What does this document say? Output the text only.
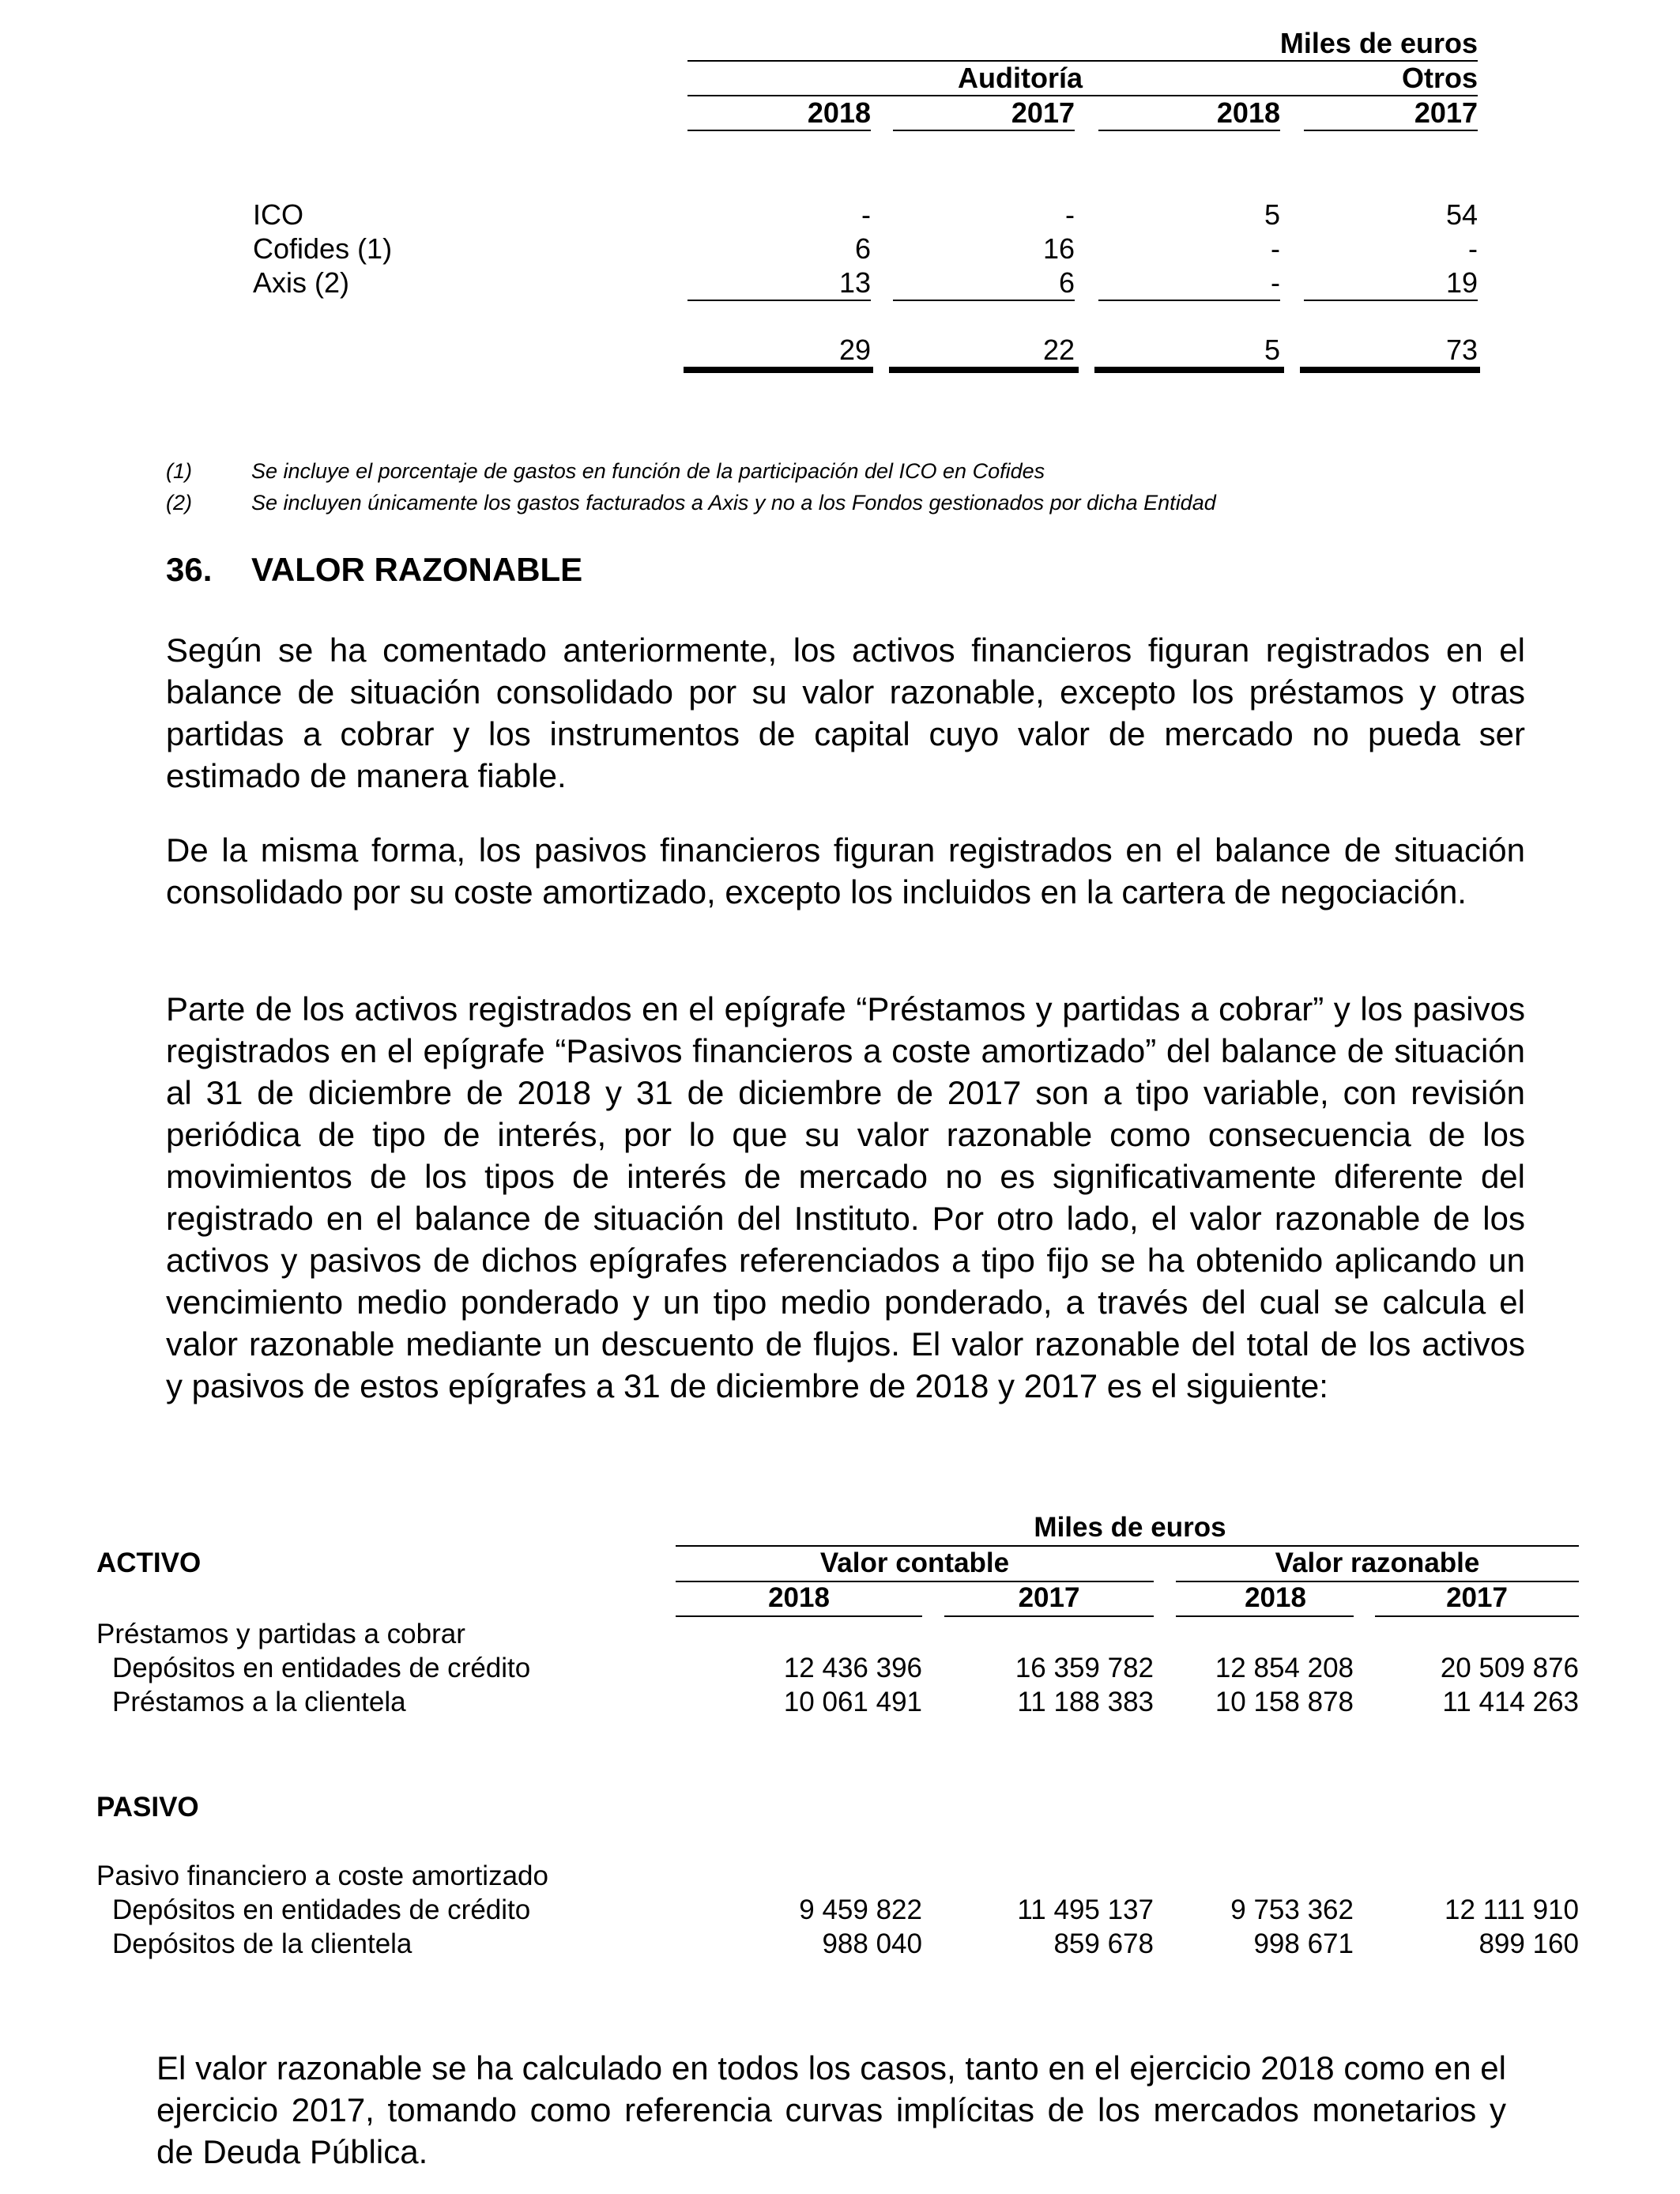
Miles de euros
Auditoría	Otros
2018	2017	2018	2017
ICO	-	-	5	54
Cofides (1)	6	16	-	-
Axis (2)	13	6	-	19
29	22	5	73
(1)	Se incluye el porcentaje de gastos en función de la participación del ICO en Cofides
(2)	Se incluyen únicamente los gastos facturados a Axis y no a los Fondos gestionados por dicha Entidad
36. VALOR RAZONABLE

Según se ha comentado anteriormente, los activos financieros figuran registrados en el balance de situación consolidado por su valor razonable, excepto los préstamos y otras partidas a cobrar y los instrumentos de capital cuyo valor de mercado no pueda ser estimado de manera fiable.

De la misma forma, los pasivos financieros figuran registrados en el balance de situación consolidado por su coste amortizado, excepto los incluidos en la cartera de negociación.

Parte de los activos registrados en el epígrafe “Préstamos y partidas a cobrar” y los pasivos registrados en el epígrafe “Pasivos financieros a coste amortizado” del balance de situación al 31 de diciembre de 2018 y 31 de diciembre de 2017 son a tipo variable, con revisión periódica de tipo de interés, por lo que su valor razonable como consecuencia de los movimientos de los tipos de interés de mercado no es significativamente diferente del registrado en el balance de situación del Instituto. Por otro lado, el valor razonable de los activos y pasivos de dichos epígrafes referenciados a tipo fijo se ha obtenido aplicando un vencimiento medio ponderado y un tipo medio ponderado, a través del cual se calcula el valor razonable mediante un descuento de flujos. El valor razonable del total de los activos y pasivos de estos epígrafes a 31 de diciembre de 2018 y 2017 es el siguiente:

Miles de euros
ACTIVO	Valor contable	Valor razonable
2018	2017	2018	2017
Préstamos y partidas a cobrar
Depósitos en entidades de crédito	12 436 396	16 359 782	12 854 208	20 509 876
Préstamos a la clientela	10 061 491	11 188 383	10 158 878	11 414 263
PASIVO
Pasivo financiero a coste amortizado
Depósitos en entidades de crédito	9 459 822	11 495 137	9 753 362	12 111 910
Depósitos de la clientela	988 040	859 678	998 671	899 160

El valor razonable se ha calculado en todos los casos, tanto en el ejercicio 2018 como en el ejercicio 2017, tomando como referencia curvas implícitas de los mercados monetarios y de Deuda Pública.
